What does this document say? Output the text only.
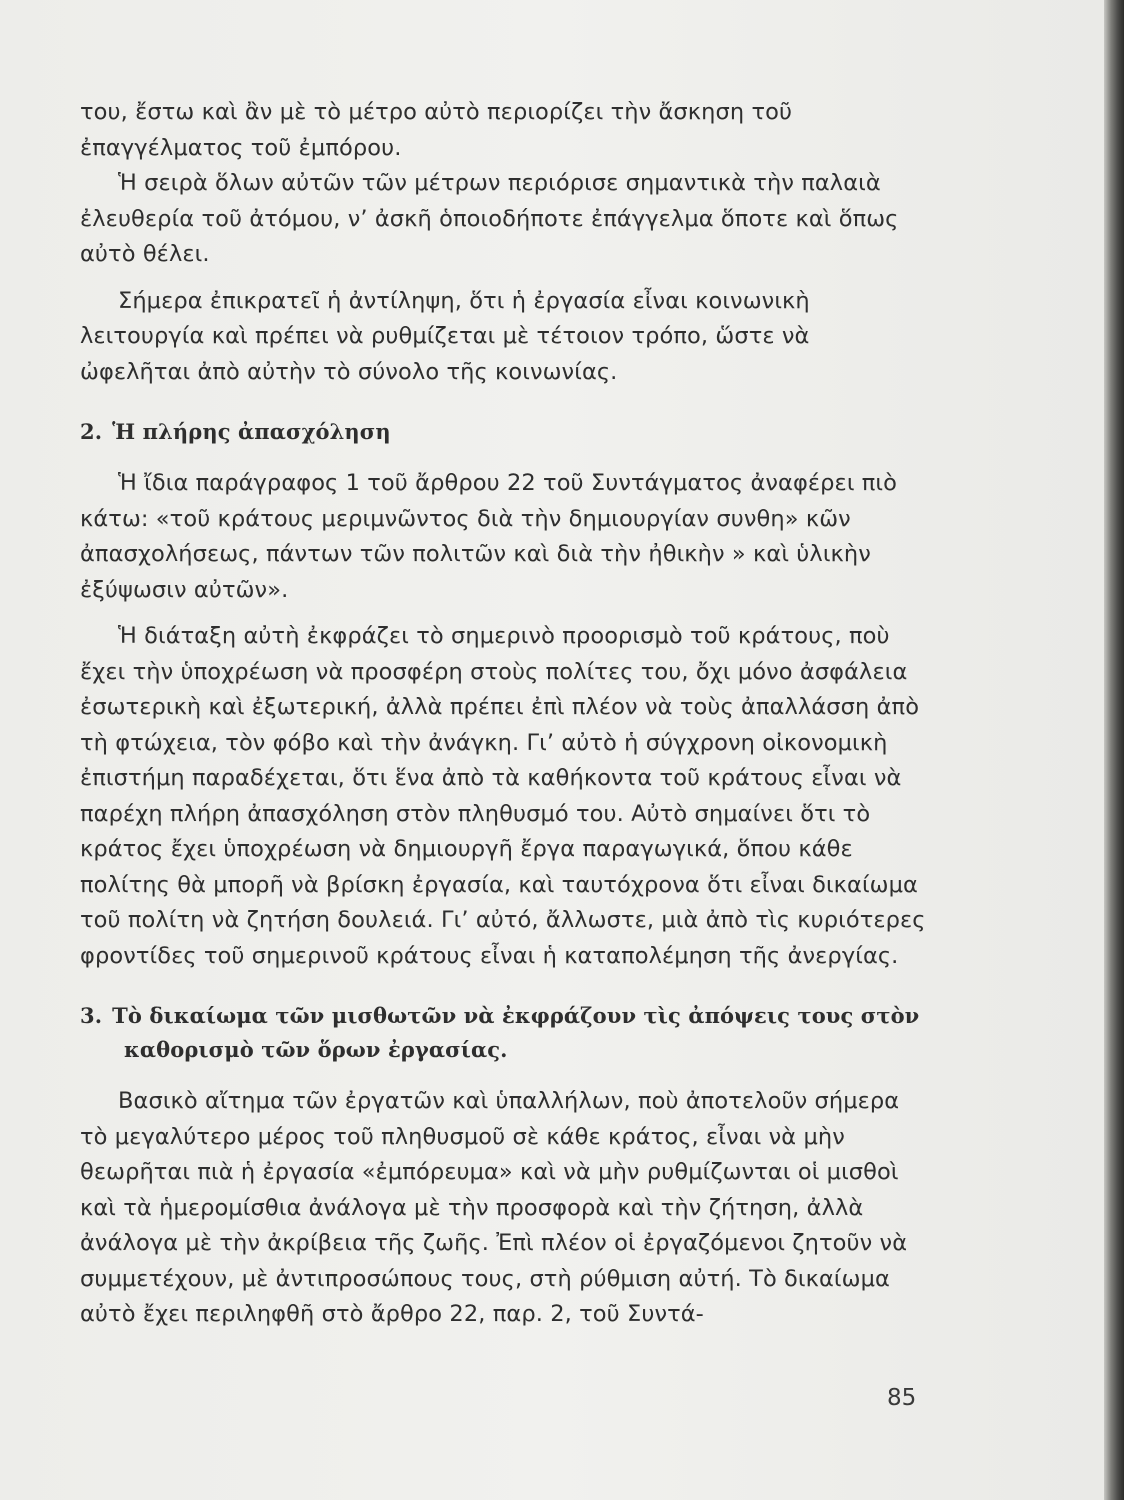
του, ἔστω καὶ ἂν μὲ τὸ μέτρο αὐτὸ περιορίζει τὴν ἄσκηση τοῦ ἐπαγγέλματος τοῦ ἐμπόρου.

Ἡ σειρὰ ὅλων αὐτῶν τῶν μέτρων περιόρισε σημαντικὰ τὴν παλαιὰ ἐλευθερία τοῦ ἀτόμου, ν’ ἀσκῆ ὁποιοδήποτε ἐπάγγελμα ὅποτε καὶ ὅπως αὐτὸ θέλει.

Σήμερα ἐπικρατεῖ ἡ ἀντίληψη, ὅτι ἡ ἐργασία εἶναι κοινωνικὴ λειτουργία καὶ πρέπει νὰ ρυθμίζεται μὲ τέτοιον τρόπο, ὥστε νὰ ὠφελῆται ἀπὸ αὐτὴν τὸ σύνολο τῆς κοινωνίας.

2. Ἡ πλήρης ἀπασχόληση

Ἡ ἴδια παράγραφος 1 τοῦ ἄρθρου 22 τοῦ Συντάγματος ἀναφέρει πιὸ κάτω: «τοῦ κράτους μεριμνῶντος διὰ τὴν δημιουργίαν συνθη» κῶν ἀπασχολήσεως, πάντων τῶν πολιτῶν καὶ διὰ τὴν ἠθικὴν » καὶ ὑλικὴν ἐξύψωσιν αὐτῶν».

Ἡ διάταξη αὐτὴ ἐκφράζει τὸ σημερινὸ προορισμὸ τοῦ κράτους, ποὺ ἔχει τὴν ὑποχρέωση νὰ προσφέρη στοὺς πολίτες του, ὄχι μόνο ἀσφάλεια ἐσωτερικὴ καὶ ἐξωτερική, ἀλλὰ πρέπει ἐπὶ πλέον νὰ τοὺς ἀπαλλάσση ἀπὸ τὴ φτώχεια, τὸν φόβο καὶ τὴν ἀνάγκη. Γι’ αὐτὸ ἡ σύγχρονη οἰκονομικὴ ἐπιστήμη παραδέχεται, ὅτι ἕνα ἀπὸ τὰ καθήκοντα τοῦ κράτους εἶναι νὰ παρέχη πλήρη ἀπασχόληση στὸν πληθυσμό του. Αὐτὸ σημαίνει ὅτι τὸ κράτος ἔχει ὑποχρέωση νὰ δημιουργῆ ἔργα παραγωγικά, ὅπου κάθε πολίτης θὰ μπορῆ νὰ βρίσκη ἐργασία, καὶ ταυτόχρονα ὅτι εἶναι δικαίωμα τοῦ πολίτη νὰ ζητήση δουλειά. Γι’ αὐτό, ἄλλωστε, μιὰ ἀπὸ τὶς κυριότερες φροντίδες τοῦ σημερινοῦ κράτους εἶναι ἡ καταπολέμηση τῆς ἀνεργίας.

3. Τὸ δικαίωμα τῶν μισθωτῶν νὰ ἐκφράζουν τὶς ἀπόψεις τους στὸν καθορισμὸ τῶν ὅρων ἐργασίας.

Βασικὸ αἴτημα τῶν ἐργατῶν καὶ ὑπαλλήλων, ποὺ ἀποτελοῦν σήμερα τὸ μεγαλύτερο μέρος τοῦ πληθυσμοῦ σὲ κάθε κράτος, εἶναι νὰ μὴν θεωρῆται πιὰ ἡ ἐργασία «ἐμπόρευμα» καὶ νὰ μὴν ρυθμίζωνται οἱ μισθοὶ καὶ τὰ ἡμερομίσθια ἀνάλογα μὲ τὴν προσφορὰ καὶ τὴν ζήτηση, ἀλλὰ ἀνάλογα μὲ τὴν ἀκρίβεια τῆς ζωῆς. Ἐπὶ πλέον οἱ ἐργαζόμενοι ζητοῦν νὰ συμμετέχουν, μὲ ἀντιπροσώπους τους, στὴ ρύθμιση αὐτή. Τὸ δικαίωμα αὐτὸ ἔχει περιληφθῆ στὸ ἄρθρο 22, παρ. 2, τοῦ Συντά-

85
